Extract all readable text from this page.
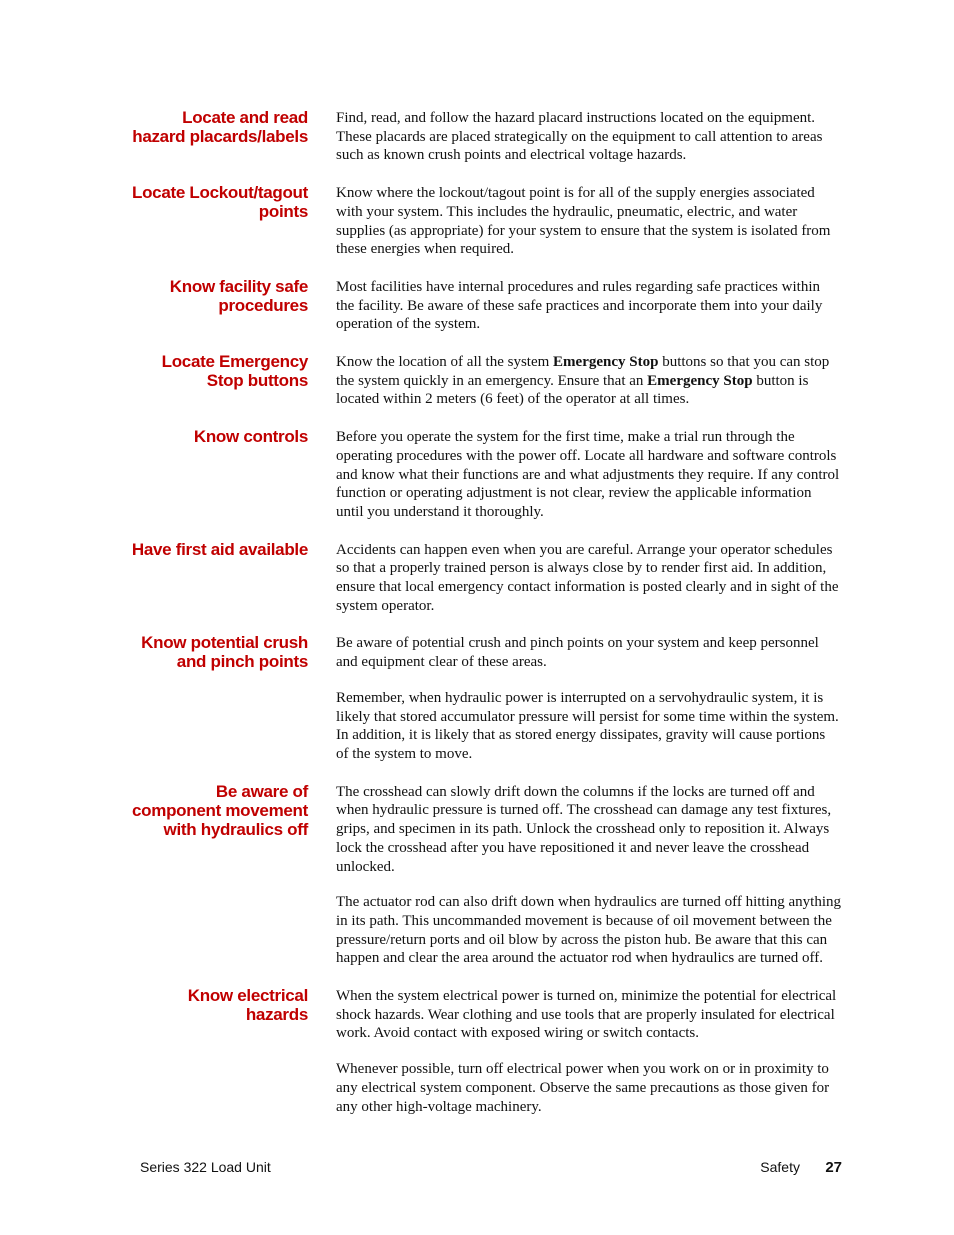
Locate and read
hazard placards/labels

Find, read, and follow the hazard placard instructions located on the equipment. These placards are placed strategically on the equipment to call attention to areas such as known crush points and electrical voltage hazards.

Locate Lockout/tagout
points

Know where the lockout/tagout point is for all of the supply energies associated with your system. This includes the hydraulic, pneumatic, electric, and water supplies (as appropriate) for your system to ensure that the system is isolated from these energies when required.

Know facility safe
procedures

Most facilities have internal procedures and rules regarding safe practices within the facility. Be aware of these safe practices and incorporate them into your daily operation of the system.

Locate Emergency
Stop buttons

Know the location of all the system Emergency Stop buttons so that you can stop the system quickly in an emergency. Ensure that an Emergency Stop button is located within 2 meters (6 feet) of the operator at all times.

Know controls Before you operate the system for the first time, make a trial run through the operating procedures with the power off. Locate all hardware and software controls and know what their functions are and what adjustments they require. If any control function or operating adjustment is not clear, review the applicable information until you understand it thoroughly.

Have first aid available Accidents can happen even when you are careful. Arrange your operator schedules so that a properly trained person is always close by to render first aid. In addition, ensure that local emergency contact information is posted clearly and in sight of the system operator.

Know potential crush
and pinch points

Be aware of potential crush and pinch points on your system and keep personnel and equipment clear of these areas.

Remember, when hydraulic power is interrupted on a servohydraulic system, it is likely that stored accumulator pressure will persist for some time within the system. In addition, it is likely that as stored energy dissipates, gravity will cause portions of the system to move.

Be aware of
component movement
with hydraulics off

The crosshead can slowly drift down the columns if the locks are turned off and when hydraulic pressure is turned off. The crosshead can damage any test fixtures, grips, and specimen in its path. Unlock the crosshead only to reposition it. Always lock the crosshead after you have repositioned it and never leave the crosshead unlocked.

The actuator rod can also drift down when hydraulics are turned off hitting anything in its path. This uncommanded movement is because of oil movement between the pressure/return ports and oil blow by across the piston hub. Be aware that this can happen and clear the area around the actuator rod when hydraulics are turned off.

Know electrical
hazards

When the system electrical power is turned on, minimize the potential for electrical shock hazards. Wear clothing and use tools that are properly insulated for electrical work. Avoid contact with exposed wiring or switch contacts.

Whenever possible, turn off electrical power when you work on or in proximity to any electrical system component. Observe the same precautions as those given for any other high-voltage machinery.

Series 322 Load Unit	Safety 27
